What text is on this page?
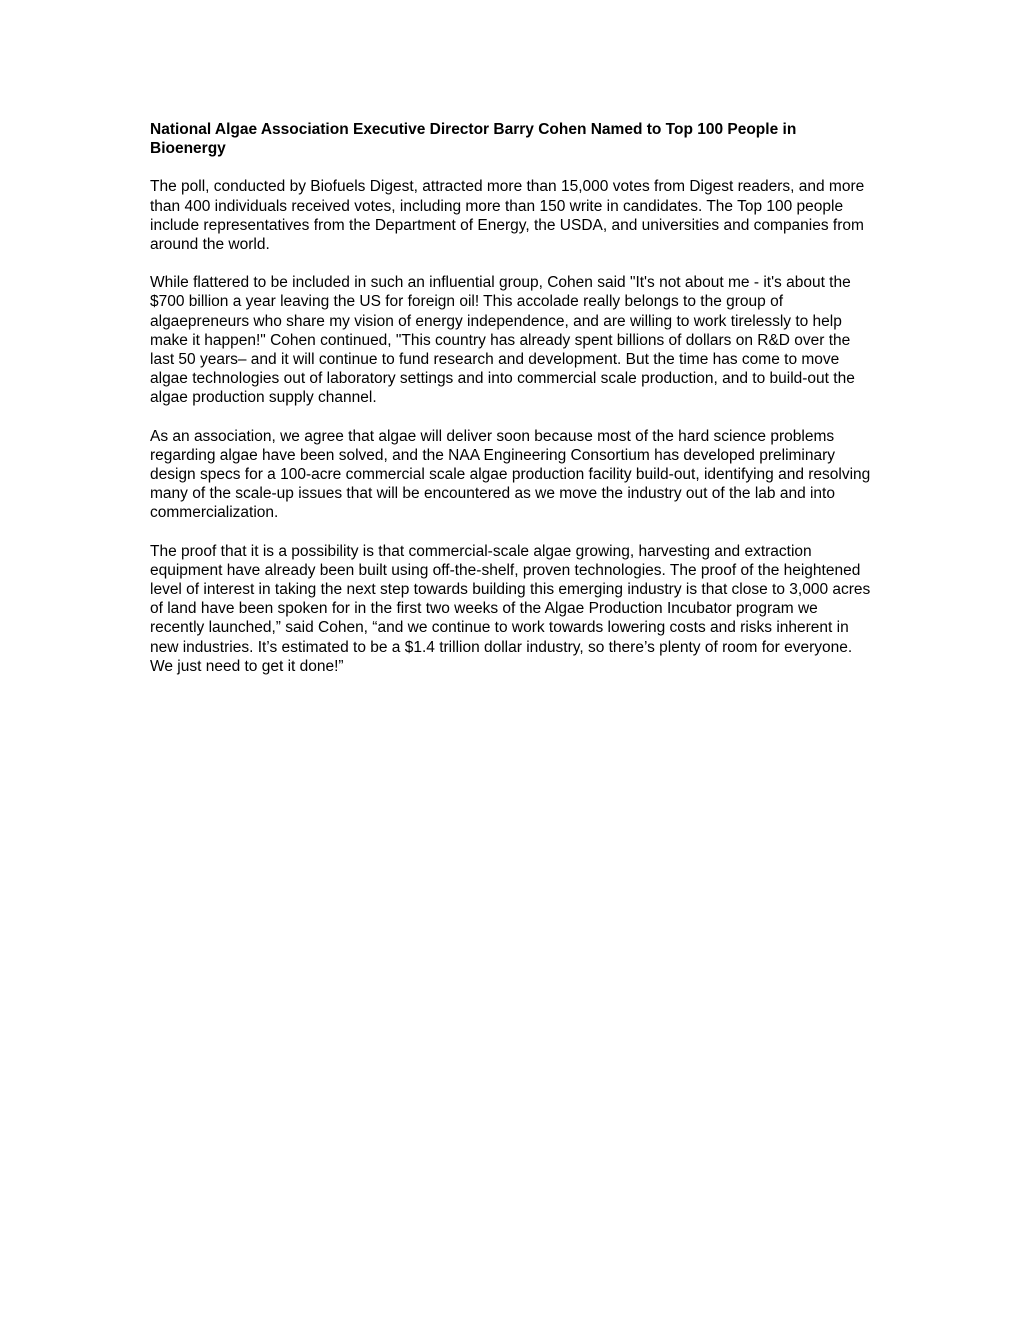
National Algae Association Executive Director Barry Cohen Named to Top 100 People in Bioenergy

The poll, conducted by Biofuels Digest, attracted more than 15,000 votes from Digest readers, and more than 400 individuals received votes, including more than 150 write in candidates. The Top 100 people include representatives from the Department of Energy, the USDA, and universities and companies from around the world.

While flattered to be included in such an influential group, Cohen said "It's not about me - it's about the $700 billion a year leaving the US for foreign oil! This accolade really belongs to the group of algaepreneurs who share my vision of energy independence, and are willing to work tirelessly to help make it happen!" Cohen continued, "This country has already spent billions of dollars on R&D over the last 50 years– and it will continue to fund research and development. But the time has come to move algae technologies out of laboratory settings and into commercial scale production, and to build-out the algae production supply channel.

As an association, we agree that algae will deliver soon because most of the hard science problems regarding algae have been solved, and the NAA Engineering Consortium has developed preliminary design specs for a 100-acre commercial scale algae production facility build-out, identifying and resolving many of the scale-up issues that will be encountered as we move the industry out of the lab and into commercialization.

The proof that it is a possibility is that commercial-scale algae growing, harvesting and extraction equipment have already been built using off-the-shelf, proven technologies. The proof of the heightened level of interest in taking the next step towards building this emerging industry is that close to 3,000 acres of land have been spoken for in the first two weeks of the Algae Production Incubator program we recently launched,” said Cohen, “and we continue to work towards lowering costs and risks inherent in new industries. It’s estimated to be a $1.4 trillion dollar industry, so there’s plenty of room for everyone. We just need to get it done!”
